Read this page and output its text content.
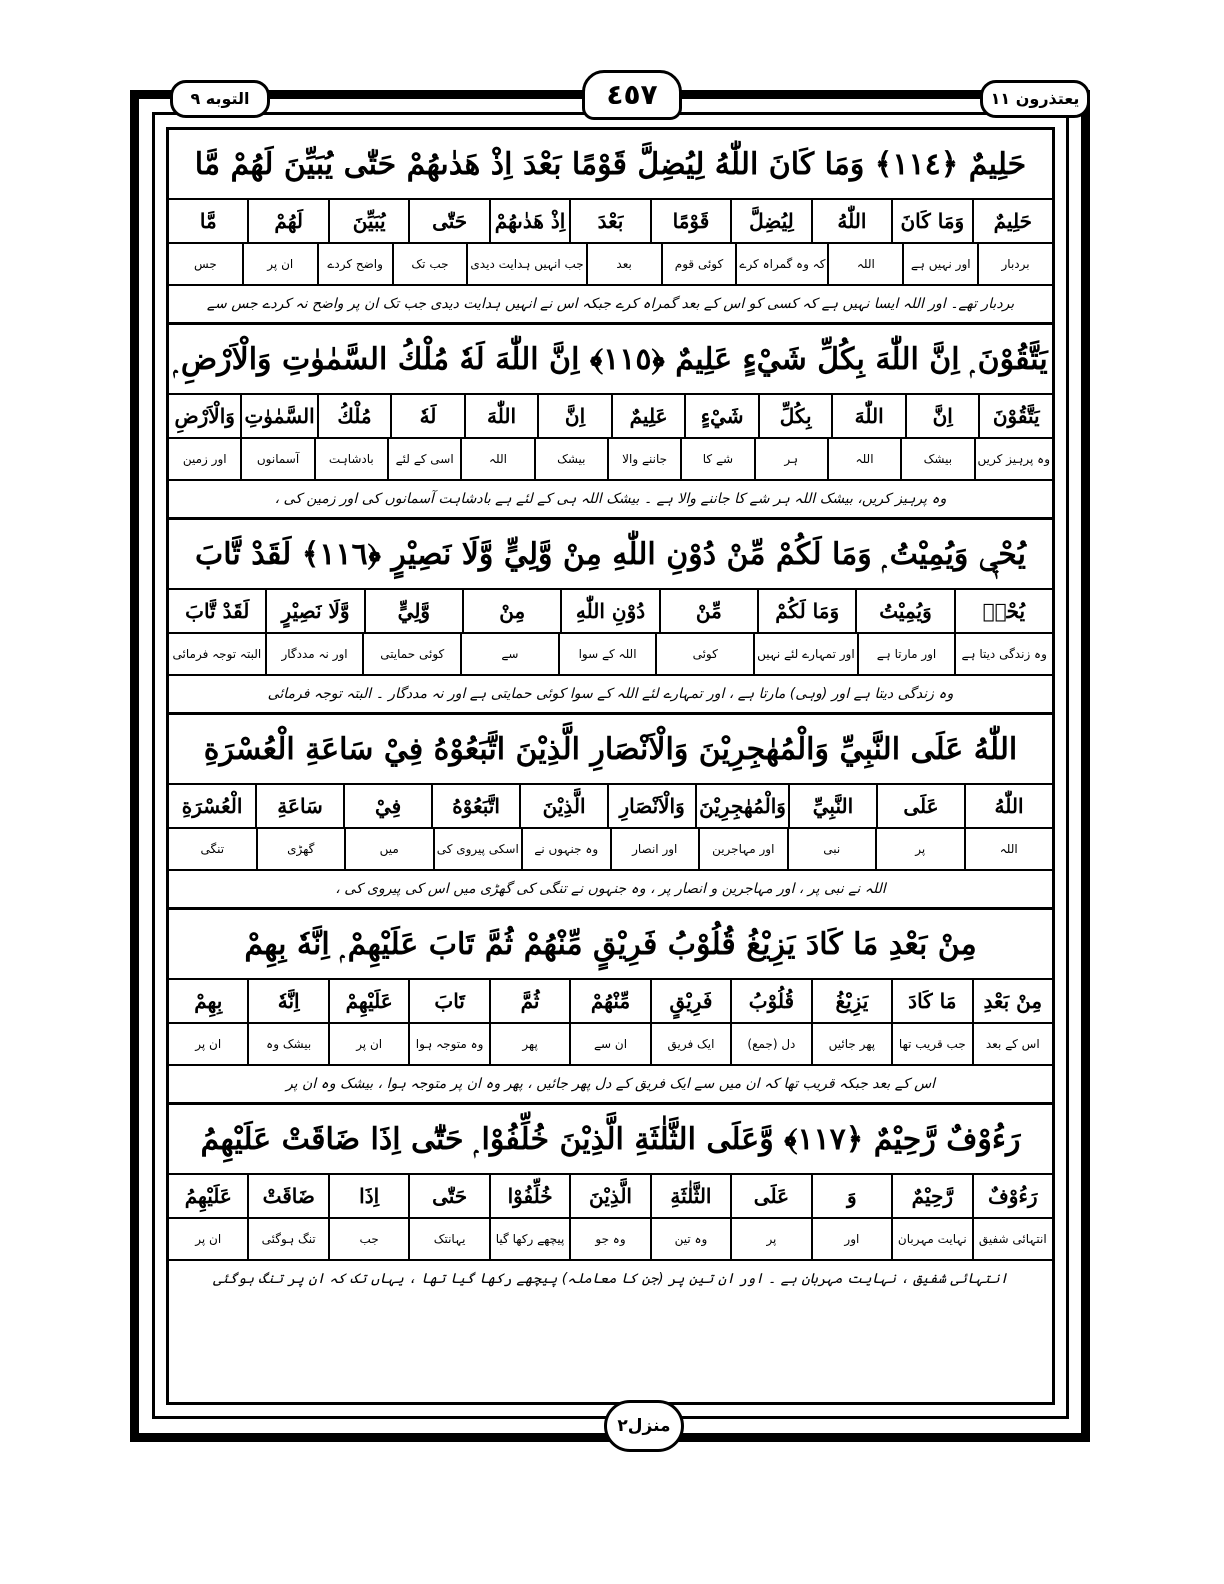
التوبه ٩	٤٥٧	یعتذرون ١١
حَلِيمٌ ﴿١١٤﴾ وَمَا كَانَ اللّٰهُ لِيُضِلَّ قَوْمًا بَعْدَ اِذْ هَدٰىهُمْ حَتّٰى يُبَيِّنَ لَهُمْ مَّا
حَلِيمٌ
وَمَا كَانَ
اللّٰهُ
لِيُضِلَّ
قَوْمًا
بَعْدَ
اِذْ هَدٰىهُمْ
حَتّٰى
يُبَيِّنَ
لَهُمْ
مَّا
بردبار
اور نہیں ہے
اللہ
کہ وہ گمراہ کرے
کوئی قوم
بعد
جب انہیں ہدایت دیدی
جب تک
واضح کردے
ان پر
جس
بردبار تھے۔ اور اللہ ایسا نہیں ہے کہ کسی کو اس کے بعد گمراہ کرے جبکہ اس نے انہیں ہدایت دیدی جب تک ان پر واضح نہ کردے جس سے
يَتَّقُوْنَ ۭ اِنَّ اللّٰهَ بِكُلِّ شَيْءٍ عَلِيمٌ ﴿١١٥﴾ اِنَّ اللّٰهَ لَهٗ مُلْكُ السَّمٰوٰتِ وَالْاَرْضِ ۭ
يَتَّقُوْنَ
اِنَّ
اللّٰهَ
بِكُلِّ
شَيْءٍ
عَلِيمٌ
اِنَّ
اللّٰهَ
لَهٗ
مُلْكُ
السَّمٰوٰتِ
وَالْاَرْضِ
وہ پرہیز کریں
بیشک
اللہ
ہر
شے کا
جاننے والا
بیشک
اللہ
اسی کے لئے
بادشاہت
آسمانوں
اور زمین
وہ پرہیز کریں، بیشک اللہ ہر شے کا جاننے والا ہے ۔ بیشک اللہ ہی کے لئے ہے بادشاہت آسمانوں کی اور زمین کی ،
يُحْيٖ وَيُمِيْتُ ۭ وَمَا لَكُمْ مِّنْ دُوْنِ اللّٰهِ مِنْ وَّلِيٍّ وَّلَا نَصِيْرٍ ﴿١١٦﴾ لَقَدْ تَّابَ
يُحْيٖ
وَيُمِيْتُ
وَمَا لَكُمْ
مِّنْ
دُوْنِ اللّٰهِ
مِنْ
وَّلِيٍّ
وَّلَا نَصِيْرٍ
لَقَدْ تَّابَ
وہ زندگی دیتا ہے
اور مارتا ہے
اور تمہارے لئے نہیں
کوئی
اللہ کے سوا
سے
کوئی حمایتی
اور نہ مددگار
البتہ توجہ فرمائی
وہ زندگی دیتا ہے اور (وہی) مارتا ہے ، اور تمہارے لئے اللہ کے سوا کوئی حمایتی ہے اور نہ مددگار ۔ البتہ توجہ فرمائی
اللّٰهُ عَلَى النَّبِيِّ وَالْمُهٰجِرِيْنَ وَالْاَنْصَارِ الَّذِيْنَ اتَّبَعُوْهُ فِيْ سَاعَةِ الْعُسْرَةِ
اللّٰهُ
عَلَى
النَّبِيِّ
وَالْمُهٰجِرِيْنَ
وَالْاَنْصَارِ
الَّذِيْنَ
اتَّبَعُوْهُ
فِيْ
سَاعَةِ
الْعُسْرَةِ
اللہ
پر
نبی
اور مہاجرین
اور انصار
وہ جنہوں نے
اسکی پیروی کی
میں
گھڑی
تنگی
اللہ نے نبی پر ، اور مہاجرین و انصار پر ، وہ جنہوں نے تنگی کی گھڑی میں اس کی پیروی کی ،
مِنْ بَعْدِ مَا كَادَ يَزِيْغُ قُلُوْبُ فَرِيْقٍ مِّنْهُمْ ثُمَّ تَابَ عَلَيْهِمْ ۭ اِنَّهٗ بِهِمْ
مِنْ بَعْدِ
مَا كَادَ
يَزِيْغُ
قُلُوْبُ
فَرِيْقٍ
مِّنْهُمْ
ثُمَّ
تَابَ
عَلَيْهِمْ
اِنَّهٗ
بِهِمْ
اس کے بعد
جب قریب تھا
پھر جائیں
دل (جمع)
ایک فریق
ان سے
پھر
وہ متوجہ ہوا
ان پر
بیشک وہ
ان پر
اس کے بعد جبکہ قریب تھا کہ ان میں سے ایک فریق کے دل پھر جائیں ، پھر وہ ان پر متوجہ ہوا ، بیشک وہ ان پر
رَءُوْفٌ رَّحِيْمٌ ﴿١١٧﴾ وَّعَلَى الثَّلٰثَةِ الَّذِيْنَ خُلِّفُوْا ۭ حَتّٰٓى اِذَا ضَاقَتْ عَلَيْهِمُ
رَءُوْفٌ
رَّحِيْمٌ
وَ
عَلَى
الثَّلٰثَةِ
الَّذِيْنَ
خُلِّفُوْا
حَتّٰى
اِذَا
ضَاقَتْ
عَلَيْهِمُ
انتہائی شفیق
نہایت مہربان
اور
پر
وہ تین
وہ جو
پیچھے رکھا گیا
یہانتک
جب
تنگ ہوگئی
ان پر
انتہائی شفیق ، نہایت مہربان ہے ۔ اور ان تین پر (جن کا معاملہ) پیچھے رکھا گیا تھا ، یہاں تک کہ ان پر تنگ ہوگئی
منزل٢
